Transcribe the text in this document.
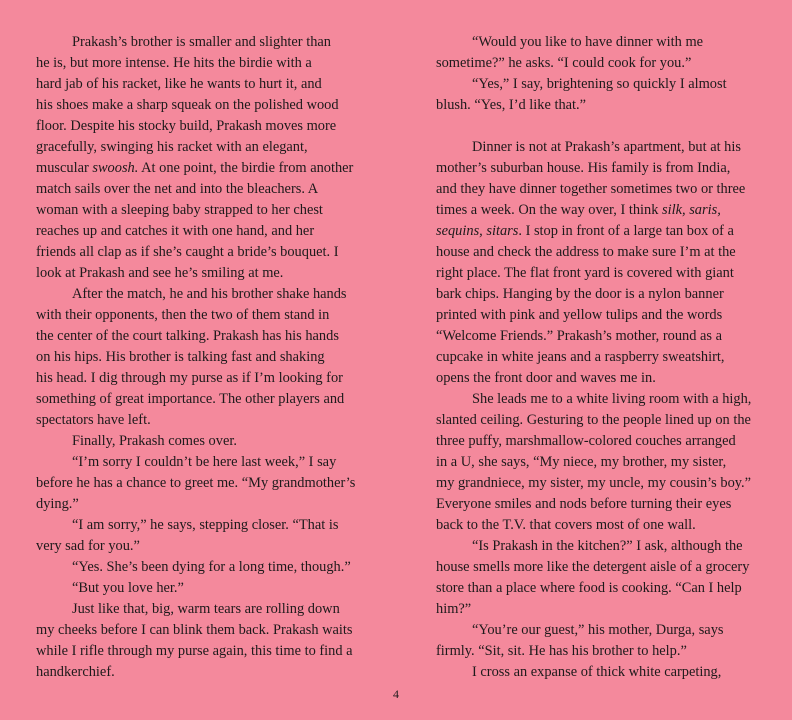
Prakash’s brother is smaller and slighter than
he is, but more intense. He hits the birdie with a
hard jab of his racket, like he wants to hurt it, and
his shoes make a sharp squeak on the polished wood
floor. Despite his stocky build, Prakash moves more
gracefully, swinging his racket with an elegant,
muscular swoosh. At one point, the birdie from another
match sails over the net and into the bleachers. A
woman with a sleeping baby strapped to her chest
reaches up and catches it with one hand, and her
friends all clap as if she’s caught a bride’s bouquet. I
look at Prakash and see he’s smiling at me.
After the match, he and his brother shake hands
with their opponents, then the two of them stand in
the center of the court talking. Prakash has his hands
on his hips. His brother is talking fast and shaking
his head. I dig through my purse as if I’m looking for
something of great importance. The other players and
spectators have left.
Finally, Prakash comes over.
“I’m sorry I couldn’t be here last week,” I say
before he has a chance to greet me. “My grandmother’s
dying.”
“I am sorry,” he says, stepping closer. “That is
very sad for you.”
“Yes. She’s been dying for a long time, though.”
“But you love her.”
Just like that, big, warm tears are rolling down
my cheeks before I can blink them back. Prakash waits
while I rifle through my purse again, this time to find a
handkerchief.
“Would you like to have dinner with me
sometime?” he asks. “I could cook for you.”
“Yes,” I say, brightening so quickly I almost
blush. “Yes, I’d like that.”
Dinner is not at Prakash’s apartment, but at his
mother’s suburban house. His family is from India,
and they have dinner together sometimes two or three
times a week. On the way over, I think silk, saris,
sequins, sitars. I stop in front of a large tan box of a
house and check the address to make sure I’m at the
right place. The flat front yard is covered with giant
bark chips. Hanging by the door is a nylon banner
printed with pink and yellow tulips and the words
“Welcome Friends.” Prakash’s mother, round as a
cupcake in white jeans and a raspberry sweatshirt,
opens the front door and waves me in.
She leads me to a white living room with a high,
slanted ceiling. Gesturing to the people lined up on the
three puffy, marshmallow-colored couches arranged
in a U, she says, “My niece, my brother, my sister,
my grandniece, my sister, my uncle, my cousin’s boy.”
Everyone smiles and nods before turning their eyes
back to the T.V. that covers most of one wall.
“Is Prakash in the kitchen?” I ask, although the
house smells more like the detergent aisle of a grocery
store than a place where food is cooking. “Can I help
him?”
“You’re our guest,” his mother, Durga, says
firmly. “Sit, sit. He has his brother to help.”
I cross an expanse of thick white carpeting,
4
